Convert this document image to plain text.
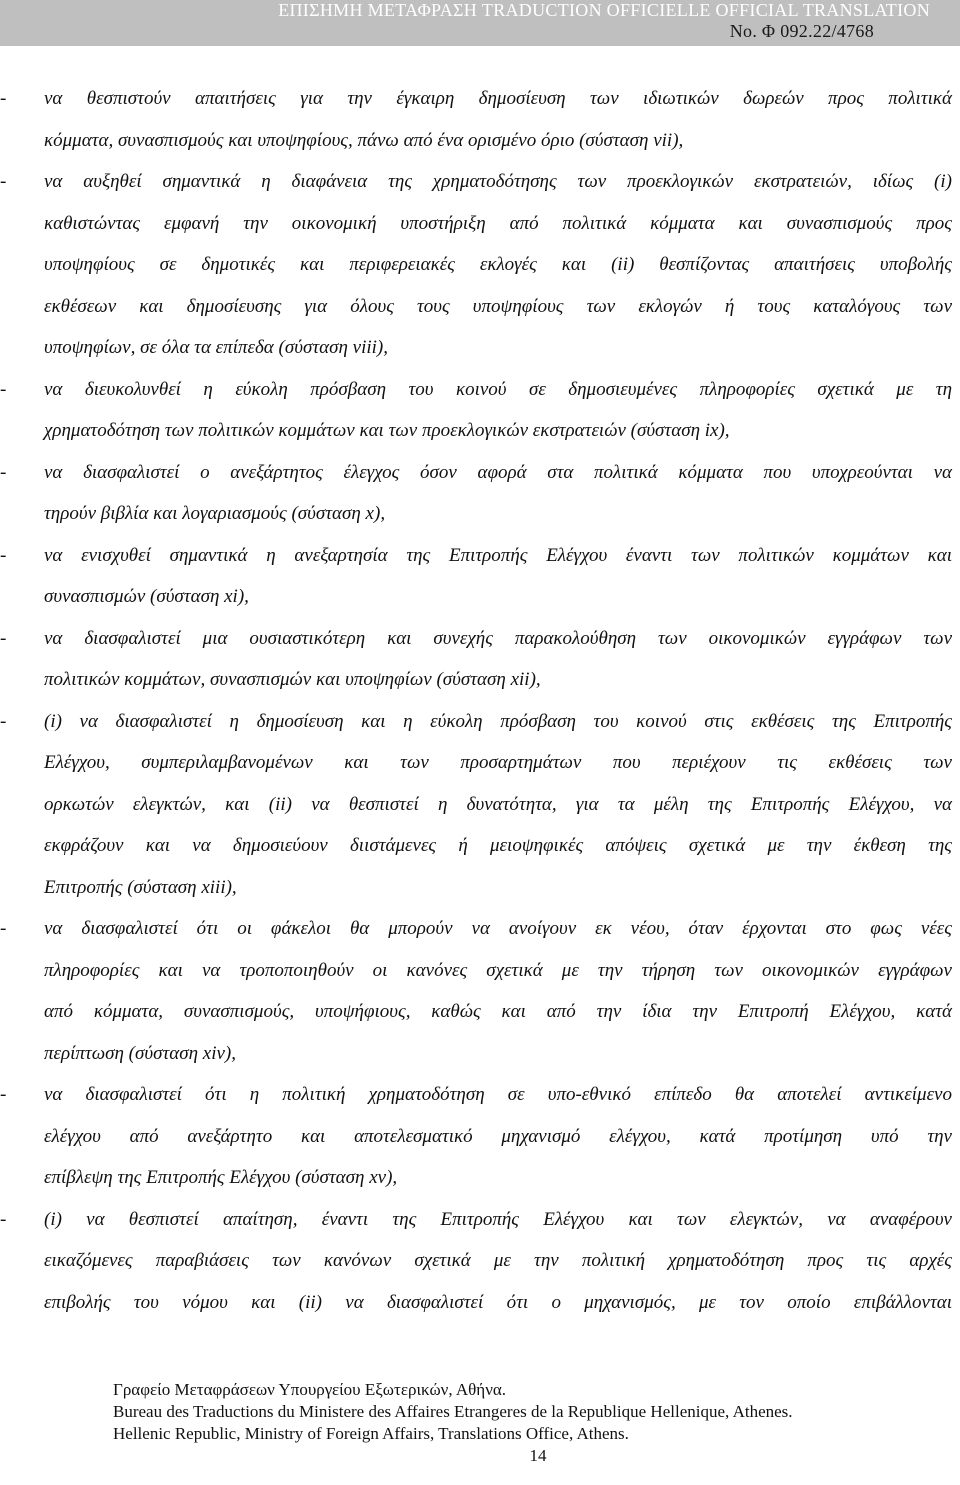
ΕΠΙΣΗΜΗ ΜΕΤΑΦΡΑΣΗ TRADUCTION OFFICIELLE OFFICIAL TRANSLATION
No. Φ 092.22/4768
- να θεσπιστούν απαιτήσεις για την έγκαιρη δημοσίευση των ιδιωτικών δωρεών προς πολιτικά
κόμματα, συνασπισμούς και υποψηφίους, πάνω από ένα ορισμένο όριο (σύσταση vii),
- να αυξηθεί σημαντικά η διαφάνεια της χρηματοδότησης των προεκλογικών εκστρατειών, ιδίως (i)
καθιστώντας εμφανή την οικονομική υποστήριξη από πολιτικά κόμματα και συνασπισμούς προς
υποψηφίους σε δημοτικές και περιφερειακές εκλογές και (ii) θεσπίζοντας απαιτήσεις υποβολής
εκθέσεων και δημοσίευσης για όλους τους υποψηφίους των εκλογών ή τους καταλόγους των
υποψηφίων, σε όλα τα επίπεδα (σύσταση viii),
- να διευκολυνθεί η εύκολη πρόσβαση του κοινού σε δημοσιευμένες πληροφορίες σχετικά με τη
χρηματοδότηση των πολιτικών κομμάτων και των προεκλογικών εκστρατειών (σύσταση ix),
- να διασφαλιστεί ο ανεξάρτητος έλεγχος όσον αφορά στα πολιτικά κόμματα που υποχρεούνται να
τηρούν βιβλία και λογαριασμούς (σύσταση x),
- να ενισχυθεί σημαντικά η ανεξαρτησία της Επιτροπής Ελέγχου έναντι των πολιτικών κομμάτων και
συνασπισμών (σύσταση xi),
- να διασφαλιστεί μια ουσιαστικότερη και συνεχής παρακολούθηση των οικονομικών εγγράφων των
πολιτικών κομμάτων, συνασπισμών και υποψηφίων (σύσταση xii),
- (i) να διασφαλιστεί η δημοσίευση και η εύκολη πρόσβαση του κοινού στις εκθέσεις της Επιτροπής
Ελέγχου, συμπεριλαμβανομένων και των προσαρτημάτων που περιέχουν τις εκθέσεις των
ορκωτών ελεγκτών, και (ii) να θεσπιστεί η δυνατότητα, για τα μέλη της Επιτροπής Ελέγχου, να
εκφράζουν και να δημοσιεύουν διιστάμενες ή μειοψηφικές απόψεις σχετικά με την έκθεση της
Επιτροπής (σύσταση xiii),
- να διασφαλιστεί ότι οι φάκελοι θα μπορούν να ανοίγουν εκ νέου, όταν έρχονται στο φως νέες
πληροφορίες και να τροποποιηθούν οι κανόνες σχετικά με την τήρηση των οικονομικών εγγράφων
από κόμματα, συνασπισμούς, υποψήφιους, καθώς και από την ίδια την Επιτροπή Ελέγχου, κατά
περίπτωση (σύσταση xiv),
- να διασφαλιστεί ότι η πολιτική χρηματοδότηση σε υπο-εθνικό επίπεδο θα αποτελεί αντικείμενο
ελέγχου από ανεξάρτητο και αποτελεσματικό μηχανισμό ελέγχου, κατά προτίμηση υπό την
επίβλεψη της Επιτροπής Ελέγχου (σύσταση xv),
- (i) να θεσπιστεί απαίτηση, έναντι της Επιτροπής Ελέγχου και των ελεγκτών, να αναφέρουν
εικαζόμενες παραβιάσεις των κανόνων σχετικά με την πολιτική χρηματοδότηση προς τις αρχές
επιβολής του νόμου και (ii) να διασφαλιστεί ότι ο μηχανισμός, με τον οποίο επιβάλλονται
Γραφείο Μεταφράσεων Υπουργείου Εξωτερικών, Αθήνα.
Bureau des Traductions du Ministere des Affaires Etrangeres de la Republique Hellenique, Athenes.
Hellenic Republic, Ministry of Foreign Affairs, Translations Office, Athens.
14
